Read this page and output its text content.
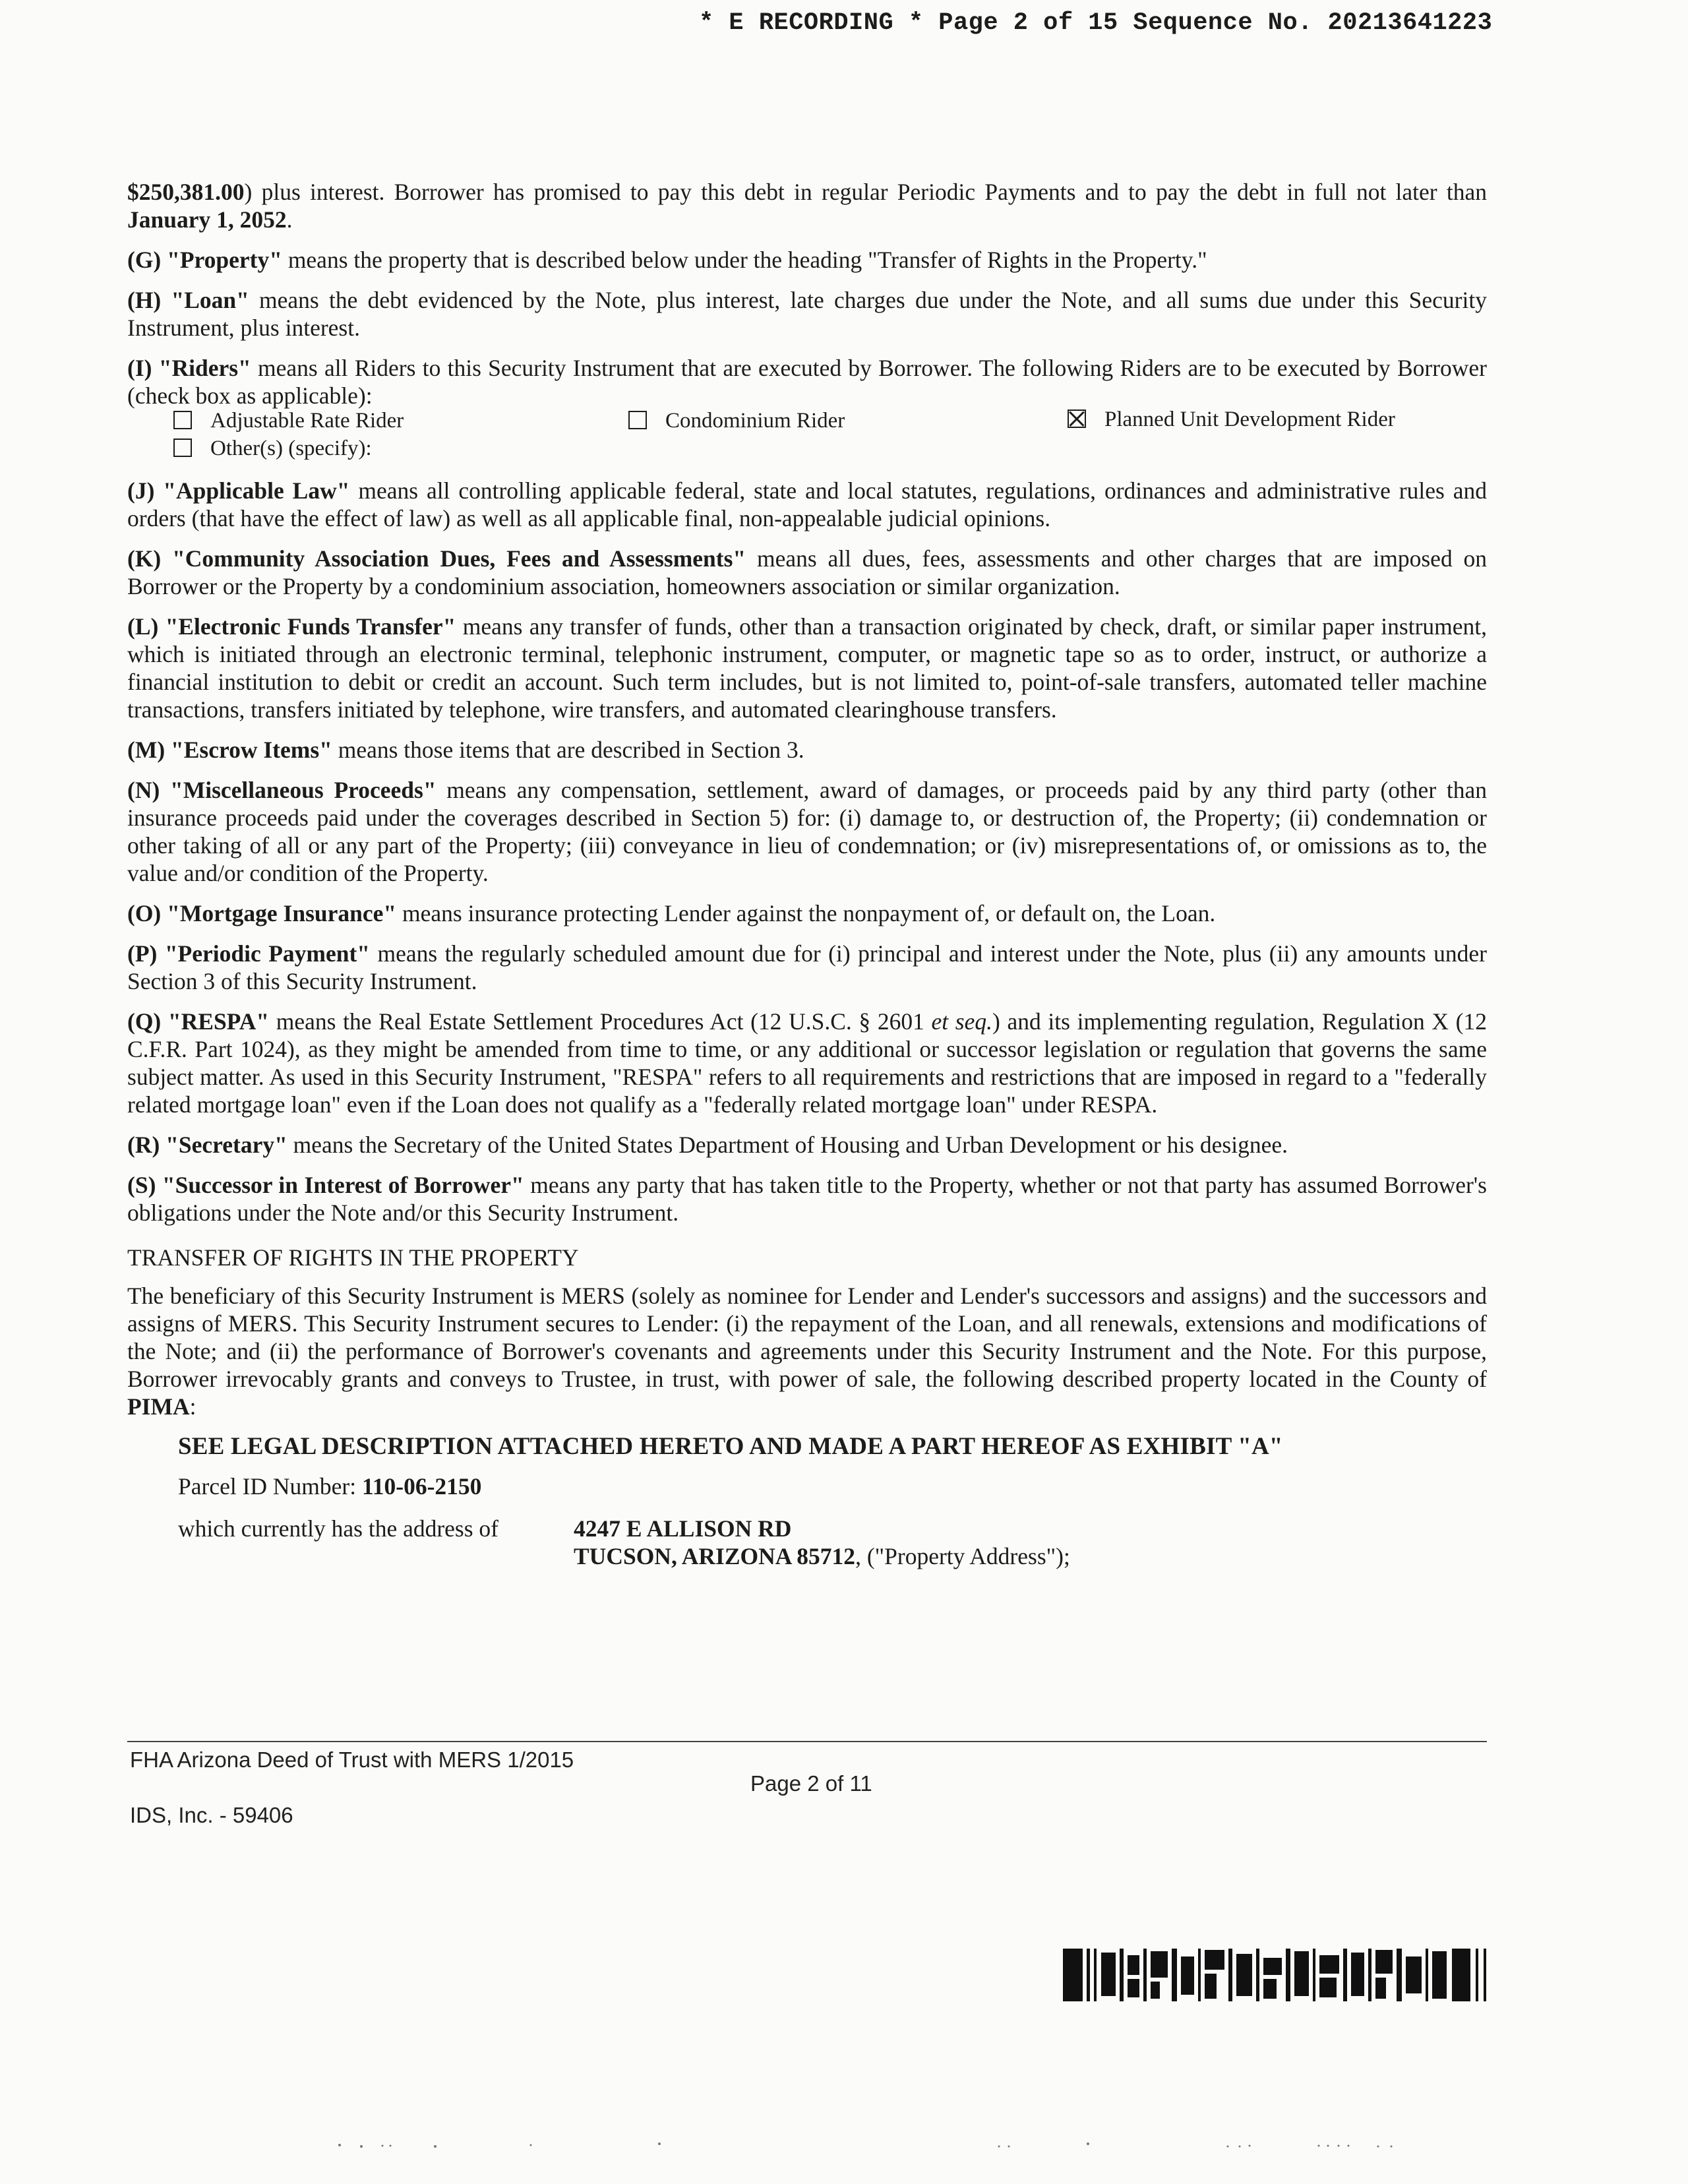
* E RECORDING * Page 2 of 15 Sequence No. 20213641223

$250,381.00) plus interest. Borrower has promised to pay this debt in regular Periodic Payments and to pay the debt in full not later than January 1, 2052.

(G) "Property" means the property that is described below under the heading "Transfer of Rights in the Property."

(H) "Loan" means the debt evidenced by the Note, plus interest, late charges due under the Note, and all sums due under this Security Instrument, plus interest.

(I) "Riders" means all Riders to this Security Instrument that are executed by Borrower. The following Riders are to be executed by Borrower (check box as applicable):

Adjustable Rate Rider	Condominium Rider	Planned Unit Development Rider
Other(s) (specify):

(J) "Applicable Law" means all controlling applicable federal, state and local statutes, regulations, ordinances and administrative rules and orders (that have the effect of law) as well as all applicable final, non-appealable judicial opinions.

(K) "Community Association Dues, Fees and Assessments" means all dues, fees, assessments and other charges that are imposed on Borrower or the Property by a condominium association, homeowners association or similar organization.

(L) "Electronic Funds Transfer" means any transfer of funds, other than a transaction originated by check, draft, or similar paper instrument, which is initiated through an electronic terminal, telephonic instrument, computer, or magnetic tape so as to order, instruct, or authorize a financial institution to debit or credit an account. Such term includes, but is not limited to, point-of-sale transfers, automated teller machine transactions, transfers initiated by telephone, wire transfers, and automated clearinghouse transfers.

(M) "Escrow Items" means those items that are described in Section 3.

(N) "Miscellaneous Proceeds" means any compensation, settlement, award of damages, or proceeds paid by any third party (other than insurance proceeds paid under the coverages described in Section 5) for: (i) damage to, or destruction of, the Property; (ii) condemnation or other taking of all or any part of the Property; (iii) conveyance in lieu of condemnation; or (iv) misrepresentations of, or omissions as to, the value and/or condition of the Property.

(O) "Mortgage Insurance" means insurance protecting Lender against the nonpayment of, or default on, the Loan.

(P) "Periodic Payment" means the regularly scheduled amount due for (i) principal and interest under the Note, plus (ii) any amounts under Section 3 of this Security Instrument.

(Q) "RESPA" means the Real Estate Settlement Procedures Act (12 U.S.C. § 2601 et seq.) and its implementing regulation, Regulation X (12 C.F.R. Part 1024), as they might be amended from time to time, or any additional or successor legislation or regulation that governs the same subject matter. As used in this Security Instrument, "RESPA" refers to all requirements and restrictions that are imposed in regard to a "federally related mortgage loan" even if the Loan does not qualify as a "federally related mortgage loan" under RESPA.

(R) "Secretary" means the Secretary of the United States Department of Housing and Urban Development or his designee.

(S) "Successor in Interest of Borrower" means any party that has taken title to the Property, whether or not that party has assumed Borrower's obligations under the Note and/or this Security Instrument.

TRANSFER OF RIGHTS IN THE PROPERTY

The beneficiary of this Security Instrument is MERS (solely as nominee for Lender and Lender's successors and assigns) and the successors and assigns of MERS. This Security Instrument secures to Lender: (i) the repayment of the Loan, and all renewals, extensions and modifications of the Note; and (ii) the performance of Borrower's covenants and agreements under this Security Instrument and the Note. For this purpose, Borrower irrevocably grants and conveys to Trustee, in trust, with power of sale, the following described property located in the County of PIMA:

SEE LEGAL DESCRIPTION ATTACHED HERETO AND MADE A PART HEREOF AS EXHIBIT "A"
Parcel ID Number: 110-06-2150
which currently has the address of	4247 E ALLISON RD
TUCSON, ARIZONA 85712, ("Property Address");
FHA Arizona Deed of Trust with MERS 1/2015
Page 2 of 11
IDS, Inc. - 59406
